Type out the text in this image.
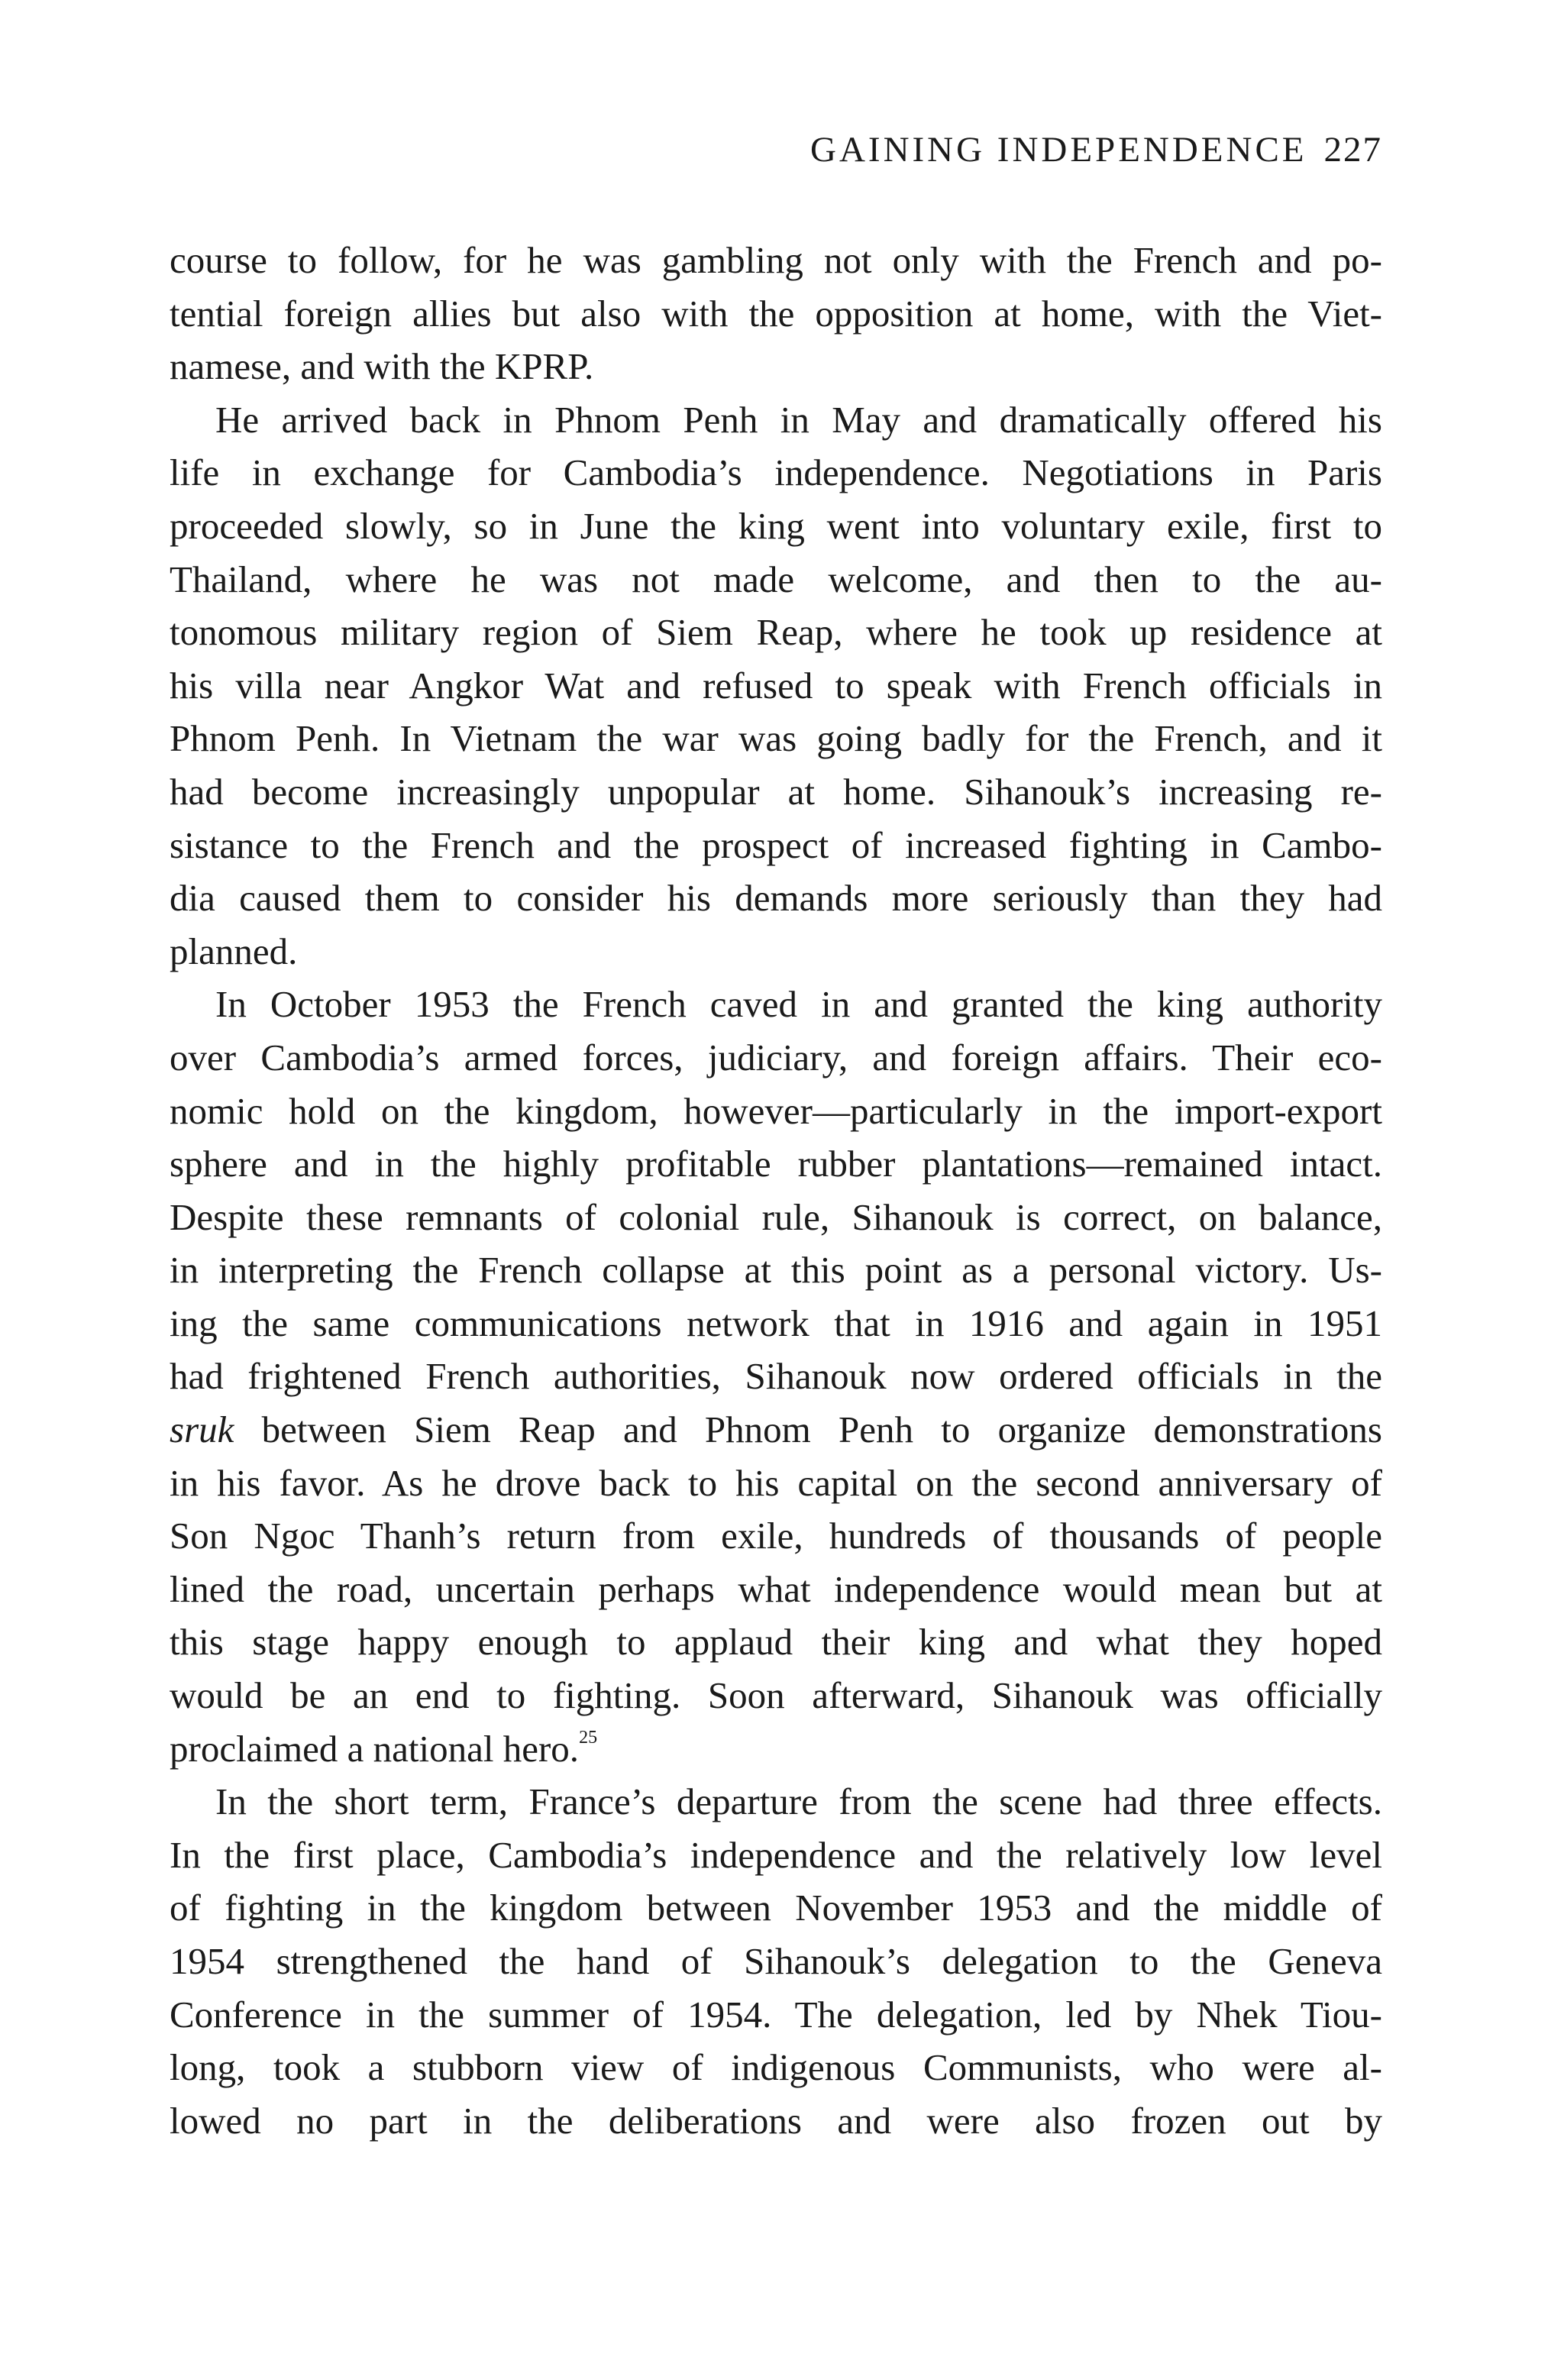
GAINING INDEPENDENCE 227
course to follow, for he was gambling not only with the French and po-
tential foreign allies but also with the opposition at home, with the Viet-
namese, and with the KPRP.
He arrived back in Phnom Penh in May and dramatically offered his
life in exchange for Cambodia’s independence. Negotiations in Paris
proceeded slowly, so in June the king went into voluntary exile, first to
Thailand, where he was not made welcome, and then to the au-
tonomous military region of Siem Reap, where he took up residence at
his villa near Angkor Wat and refused to speak with French officials in
Phnom Penh. In Vietnam the war was going badly for the French, and it
had become increasingly unpopular at home. Sihanouk’s increasing re-
sistance to the French and the prospect of increased fighting in Cambo-
dia caused them to consider his demands more seriously than they had
planned.
In October 1953 the French caved in and granted the king authority
over Cambodia’s armed forces, judiciary, and foreign affairs. Their eco-
nomic hold on the kingdom, however—particularly in the import-export
sphere and in the highly profitable rubber plantations—remained intact.
Despite these remnants of colonial rule, Sihanouk is correct, on balance,
in interpreting the French collapse at this point as a personal victory. Us-
ing the same communications network that in 1916 and again in 1951
had frightened French authorities, Sihanouk now ordered officials in the
sruk between Siem Reap and Phnom Penh to organize demonstrations
in his favor. As he drove back to his capital on the second anniversary of
Son Ngoc Thanh’s return from exile, hundreds of thousands of people
lined the road, uncertain perhaps what independence would mean but at
this stage happy enough to applaud their king and what they hoped
would be an end to fighting. Soon afterward, Sihanouk was officially
proclaimed a national hero.$^{25}$
In the short term, France’s departure from the scene had three effects.
In the first place, Cambodia’s independence and the relatively low level
of fighting in the kingdom between November 1953 and the middle of
1954 strengthened the hand of Sihanouk’s delegation to the Geneva
Conference in the summer of 1954. The delegation, led by Nhek Tiou-
long, took a stubborn view of indigenous Communists, who were al-
lowed no part in the deliberations and were also frozen out by
